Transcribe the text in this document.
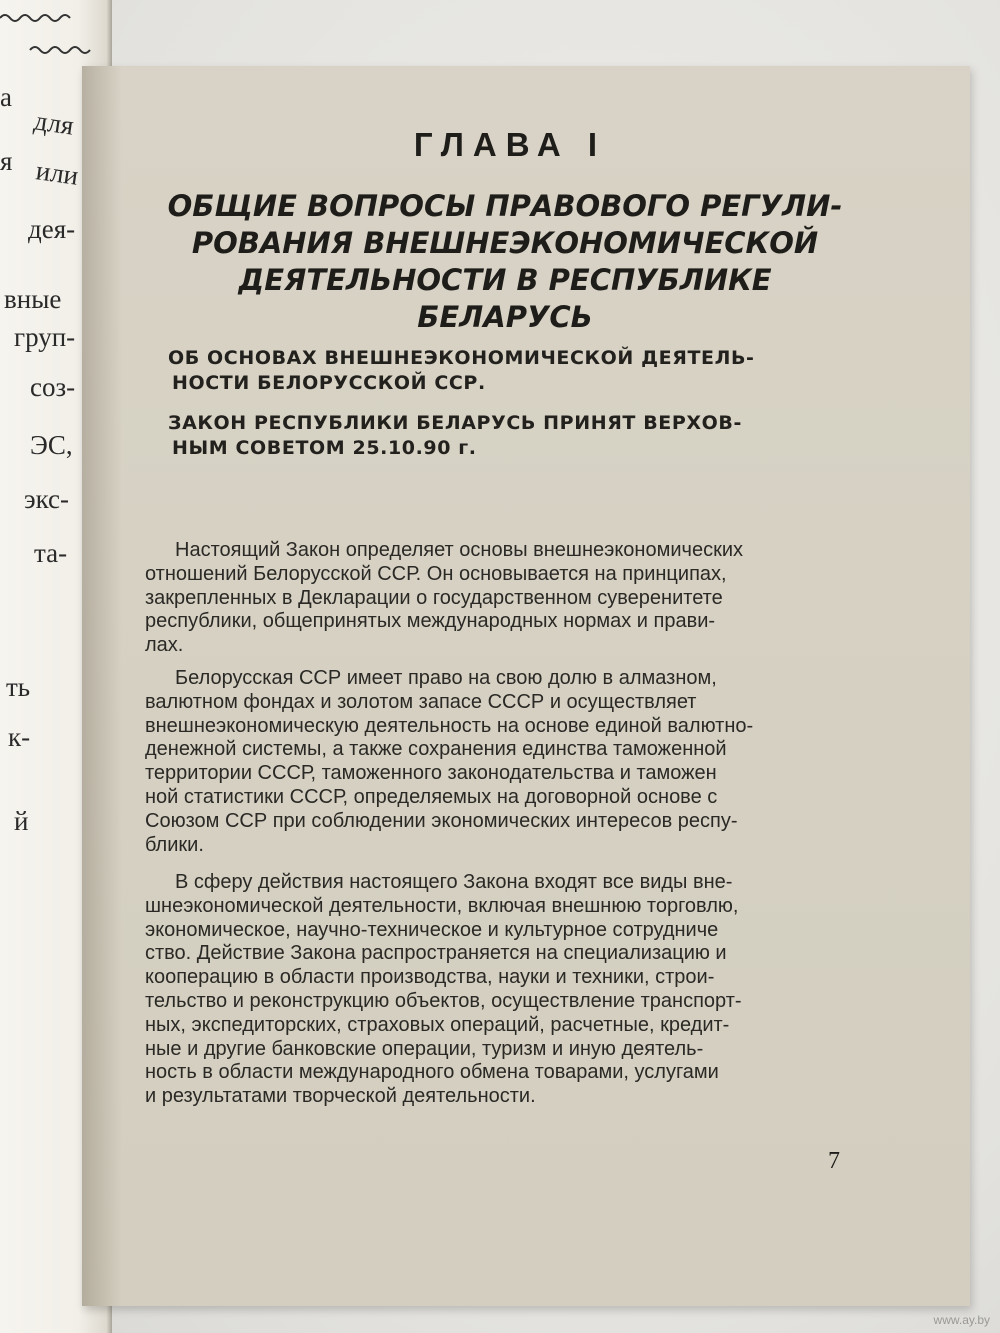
а
для
я или
дея-
вные
груп-
соз-
ЭС,
экс-
та-
ть
к-
й
ГЛАВА I
ОБЩИЕ ВОПРОСЫ ПРАВОВОГО РЕГУЛИ-
РОВАНИЯ ВНЕШНЕЭКОНОМИЧЕСКОЙ
ДЕЯТЕЛЬНОСТИ В РЕСПУБЛИКЕ
БЕЛАРУСЬ

ОБ ОСНОВАХ ВНЕШНЕЭКОНОМИЧЕСКОЙ ДЕЯТЕЛЬ-
НОСТИ БЕЛОРУССКОЙ ССР.

ЗАКОН РЕСПУБЛИКИ БЕЛАРУСЬ ПРИНЯТ ВЕРХОВ-
НЫМ СОВЕТОМ 25.10.90 г.

Настоящий Закон определяет основы внешнеэкономических
отношений Белорусской ССР. Он основывается на принципах,
закрепленных в Декларации о государственном суверенитете
республики, общепринятых международных нормах и прави-
лах.

Белорусская ССР имеет право на свою долю в алмазном,
валютном фондах и золотом запасе СССР и осуществляет
внешнеэкономическую деятельность на основе единой валютно-
денежной системы, а также сохранения единства таможенной
территории СССР, таможенного законодательства и таможен
ной статистики СССР, определяемых на договорной основе с
Союзом ССР при соблюдении экономических интересов респу-
блики.

В сферу действия настоящего Закона входят все виды вне-
шнеэкономической деятельности, включая внешнюю торговлю,
экономическое, научно-техническое и культурное сотрудниче
ство. Действие Закона распространяется на специализацию и
кооперацию в области производства, науки и техники, строи-
тельство и реконструкцию объектов, осуществление транспорт-
ных, экспедиторских, страховых операций, расчетные, кредит-
ные и другие банковские операции, туризм и иную деятель-
ность в области международного обмена товарами, услугами
и результатами творческой деятельности.

7
www.ay.by
